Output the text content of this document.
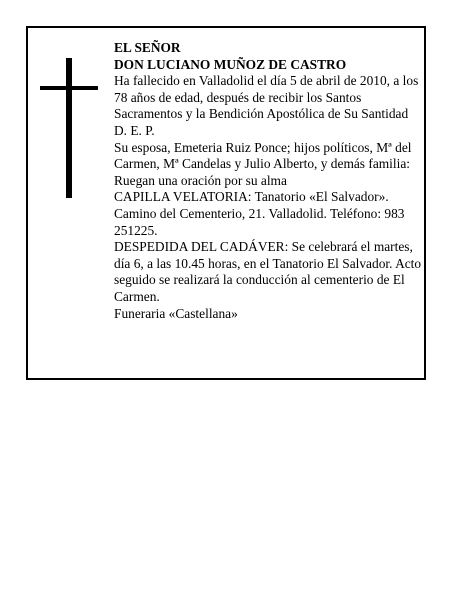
EL SEÑOR

DON LUCIANO MUÑOZ DE CASTRO

Ha fallecido en Valladolid el día 5 de abril de 2010, a los 78 años de edad, después de recibir los Santos Sacramentos y la Bendición Apostólica de Su Santidad D. E. P.

Su esposa, Emeteria Ruiz Ponce; hijos políticos, Mª del Carmen, Mª Candelas y Julio Alberto, y demás familia:

Ruegan una oración por su alma

CAPILLA VELATORIA: Tanatorio «El Salvador». Camino del Cementerio, 21. Valladolid. Teléfono: 983 251225.

DESPEDIDA DEL CADÁVER: Se celebrará el martes, día 6, a las 10.45 horas, en el Tanatorio El Salvador. Acto seguido se realizará la conducción al cementerio de El Carmen.

Funeraria «Castellana»
